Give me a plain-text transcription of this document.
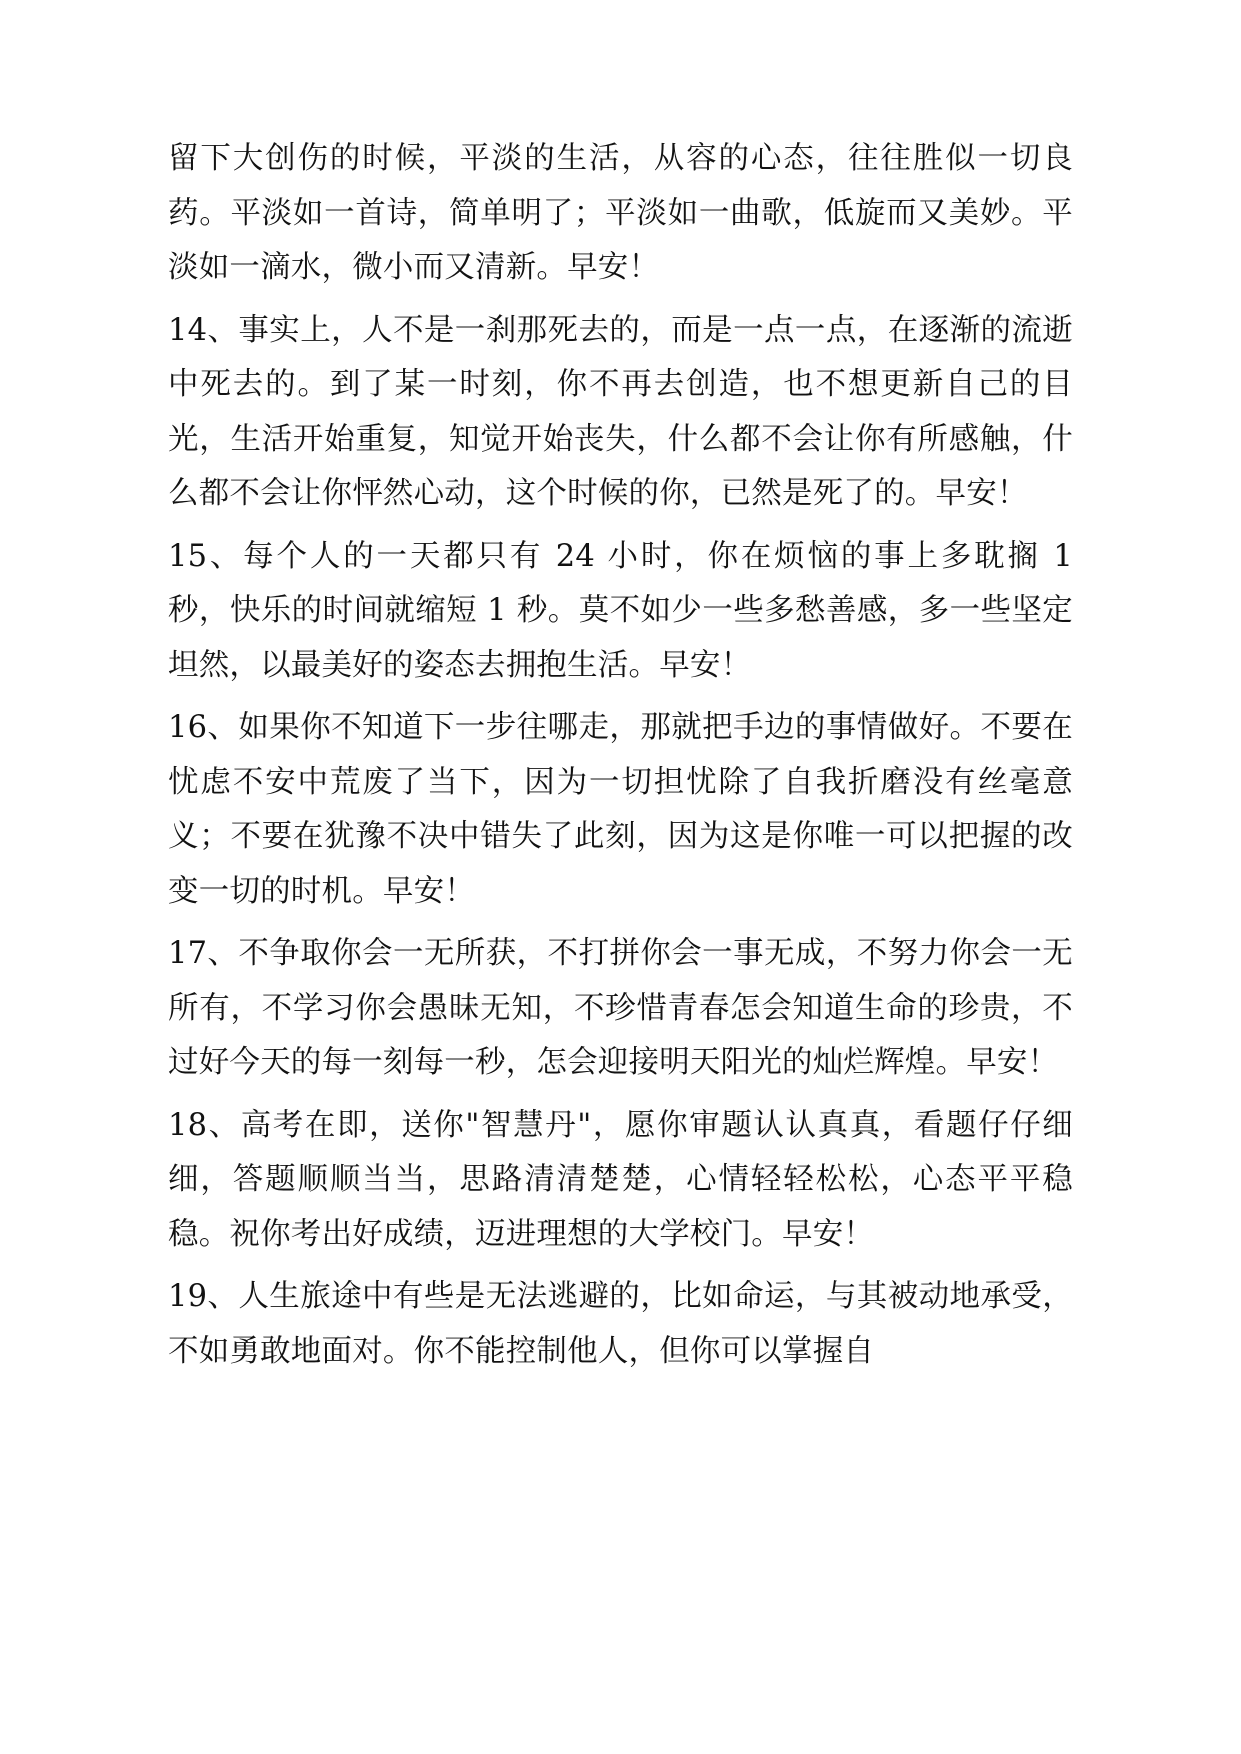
留下大创伤的时候，平淡的生活，从容的心态，往往胜似一切良药。平淡如一首诗，简单明了；平淡如一曲歌，低旋而又美妙。平淡如一滴水，微小而又清新。早安！

14、事实上，人不是一刹那死去的，而是一点一点，在逐渐的流逝中死去的。到了某一时刻，你不再去创造，也不想更新自己的目光，生活开始重复，知觉开始丧失，什么都不会让你有所感触，什么都不会让你怦然心动，这个时候的你，已然是死了的。早安！

15、每个人的一天都只有 24 小时，你在烦恼的事上多耽搁 1 秒，快乐的时间就缩短 1 秒。莫不如少一些多愁善感，多一些坚定坦然，以最美好的姿态去拥抱生活。早安！

16、如果你不知道下一步往哪走，那就把手边的事情做好。不要在忧虑不安中荒废了当下，因为一切担忧除了自我折磨没有丝毫意义；不要在犹豫不决中错失了此刻，因为这是你唯一可以把握的改变一切的时机。早安！

17、不争取你会一无所获，不打拼你会一事无成，不努力你会一无所有，不学习你会愚昧无知，不珍惜青春怎会知道生命的珍贵，不过好今天的每一刻每一秒，怎会迎接明天阳光的灿烂辉煌。早安！

18、高考在即，送你"智慧丹"，愿你审题认认真真，看题仔仔细细，答题顺顺当当，思路清清楚楚，心情轻轻松松，心态平平稳稳。祝你考出好成绩，迈进理想的大学校门。早安！

19、人生旅途中有些是无法逃避的，比如命运，与其被动地承受，不如勇敢地面对。你不能控制他人，但你可以掌握自
